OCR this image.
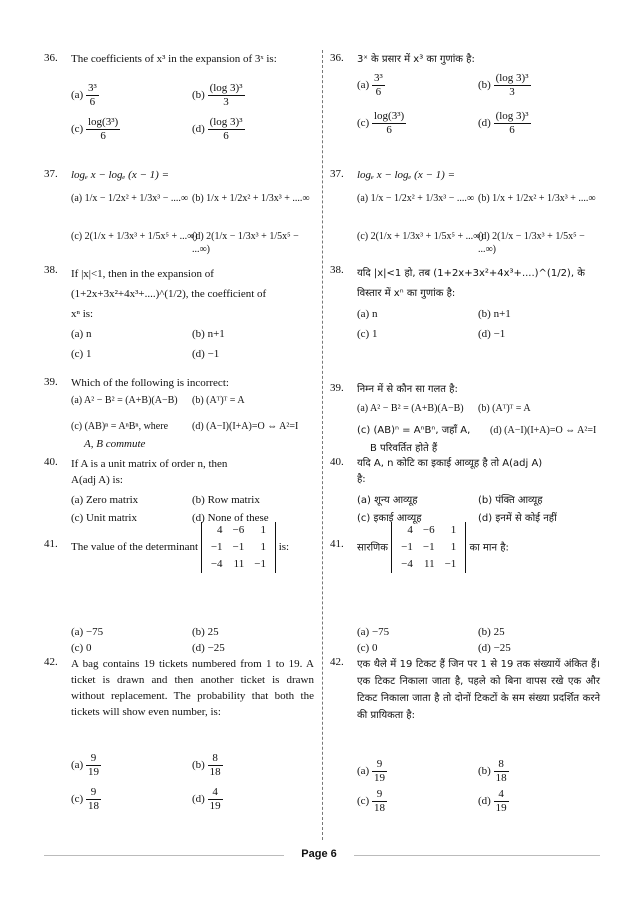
36. The coefficients of x³ in the expansion of 3ˣ is:
$(a) \frac{\text{3³}}{6}$	$(b) \frac{\text{(log 3)³}}{3}$
$(c) \frac{\text{log(3³)}}{6}$	$(d) \frac{\text{(log 3)³}}{6}$
37. logₑ x − logₑ (x − 1) =
(a) 1/x − 1/2x² + 1/3x³ − ....∞ (b) 1/x + 1/2x² + 1/3x³ + ....∞
(c) 2(1/x + 1/3x³ + 1/5x⁵ + ...∞)
(d) 2(1/x − 1/3x³ + 1/5x⁵ − ...∞)
38. If |x|<1, then in the expansion of
(1+2x+3x²+4x³+....)^(1/2), the coefficient of
xⁿ is:
(a) n	(b) n+1
(c) 1	(d) −1
39. Which of the following is incorrect:
(a) A² − B² = (A+B)(A−B) (b) (Aᵀ)ᵀ = A
(c) (AB)ⁿ = AⁿBⁿ, where (d) (A−I)(I+A)=O ⇔ A²=I
A, B commute
40. If A is a unit matrix of order n, then
A(adj A) is:
(a) Zero matrix	(b) Row matrix
(c) Unit matrix	(d) None of these
41. The value of the determinant
4	−6	1
−1	−1	1
−4	11	−1
is:
(a) −75	(b) 25
(c) 0	(d) −25
42. A bag contains 19 tickets numbered from 1 to 19. A ticket is drawn and then another ticket is drawn without replacement. The probability that both the tickets will show even number, is:
$(a) \frac{9}{19}$	$(b) \frac{8}{18}$
$(c) \frac{9}{18}$	$(d) \frac{4}{19}$
36. 3ˣ के प्रसार में x³ का गुणांक है:
$(a) \frac{\text{3³}}{6}$	$(b) \frac{\text{(log 3)³}}{3}$
$(c) \frac{\text{log(3³)}}{6}$	$(d) \frac{\text{(log 3)³}}{6}$
37. logₑ x − logₑ (x − 1) =
(a) 1/x − 1/2x² + 1/3x³ − ....∞ (b) 1/x + 1/2x² + 1/3x³ + ....∞
(c) 2(1/x + 1/3x³ + 1/5x⁵ + ...∞)
(d) 2(1/x − 1/3x³ + 1/5x⁵ − ...∞)
38. यदि |x|<1 हो, तब (1+2x+3x²+4x³+....)^(1/2), के
विस्तार में xⁿ का गुणांक है:
(a) n	(b) n+1
(c) 1	(d) −1
39. निम्न में से कौन सा गलत है:
(a) A² − B² = (A+B)(A−B) (b) (Aᵀ)ᵀ = A
(c) (AB)ⁿ = AⁿBⁿ, जहाँ A, (d) (A−I)(I+A)=O ⇔ A²=I
B परिवर्तित होते हैं
40. यदि A, n कोटि का इकाई आव्यूह है तो A(adj A)
है:
(a) शून्य आव्यूह	(b) पंक्ति आव्यूह
(c) इकाई आव्यूह	(d) इनमें से कोई नहीं
41. सारणिक
4	−6	1
−1	−1	1
−4	11	−1
का मान है:
(a) −75	(b) 25
(c) 0	(d) −25
42. एक थैले में 19 टिकट हैं जिन पर 1 से 19 तक संख्यायें अंकित हैं। एक टिकट निकाला जाता है, पहले को बिना वापस रखे एक और टिकट निकाला जाता है तो दोनों टिकटों के सम संख्या प्रदर्शित करने की प्रायिकता है:
$(a) \frac{9}{19}$	$(b) \frac{8}{18}$
$(c) \frac{9}{18}$	$(d) \frac{4}{19}$
Page 6
